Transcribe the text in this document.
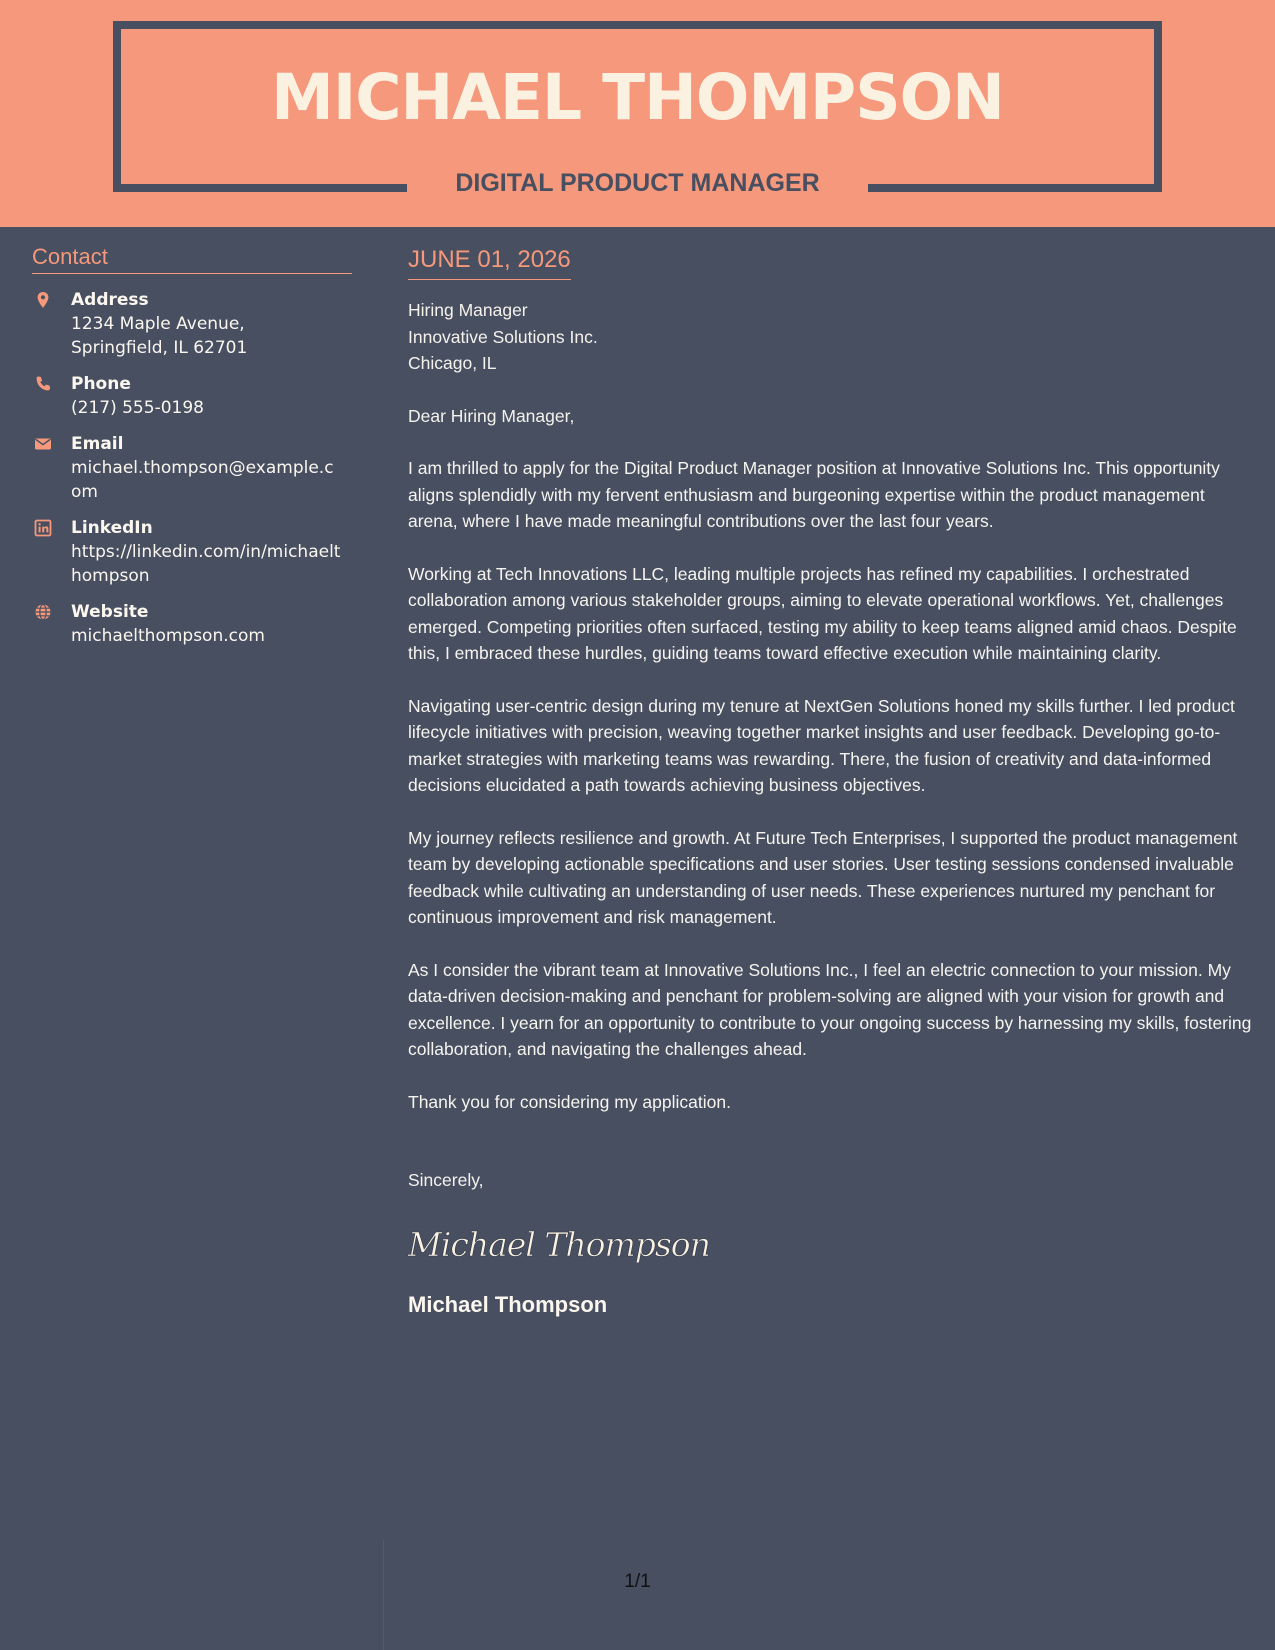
MICHAEL THOMPSON
DIGITAL PRODUCT MANAGER
Contact
Address
1234 Maple Avenue, Springfield, IL 62701
Phone
(217) 555-0198
Email
michael.thompson@example.com
LinkedIn
https://linkedin.com/in/michaelthompson
Website
michaelthompson.com
JUNE 01, 2026
Hiring Manager
Innovative Solutions Inc.
Chicago, IL
Dear Hiring Manager,

I am thrilled to apply for the Digital Product Manager position at Innovative Solutions Inc. This opportunity aligns splendidly with my fervent enthusiasm and burgeoning expertise within the product management arena, where I have made meaningful contributions over the last four years.

Working at Tech Innovations LLC, leading multiple projects has refined my capabilities. I orchestrated collaboration among various stakeholder groups, aiming to elevate operational workflows. Yet, challenges emerged. Competing priorities often surfaced, testing my ability to keep teams aligned amid chaos. Despite this, I embraced these hurdles, guiding teams toward effective execution while maintaining clarity.

Navigating user-centric design during my tenure at NextGen Solutions honed my skills further. I led product lifecycle initiatives with precision, weaving together market insights and user feedback. Developing go-to-market strategies with marketing teams was rewarding. There, the fusion of creativity and data-informed decisions elucidated a path towards achieving business objectives.

My journey reflects resilience and growth. At Future Tech Enterprises, I supported the product management team by developing actionable specifications and user stories. User testing sessions condensed invaluable feedback while cultivating an understanding of user needs. These experiences nurtured my penchant for continuous improvement and risk management.

As I consider the vibrant team at Innovative Solutions Inc., I feel an electric connection to your mission. My data-driven decision-making and penchant for problem-solving are aligned with your vision for growth and excellence. I yearn for an opportunity to contribute to your ongoing success by harnessing my skills, fostering collaboration, and navigating the challenges ahead.

Thank you for considering my application.

Sincerely,
Michael Thompson
Michael Thompson
1/1
